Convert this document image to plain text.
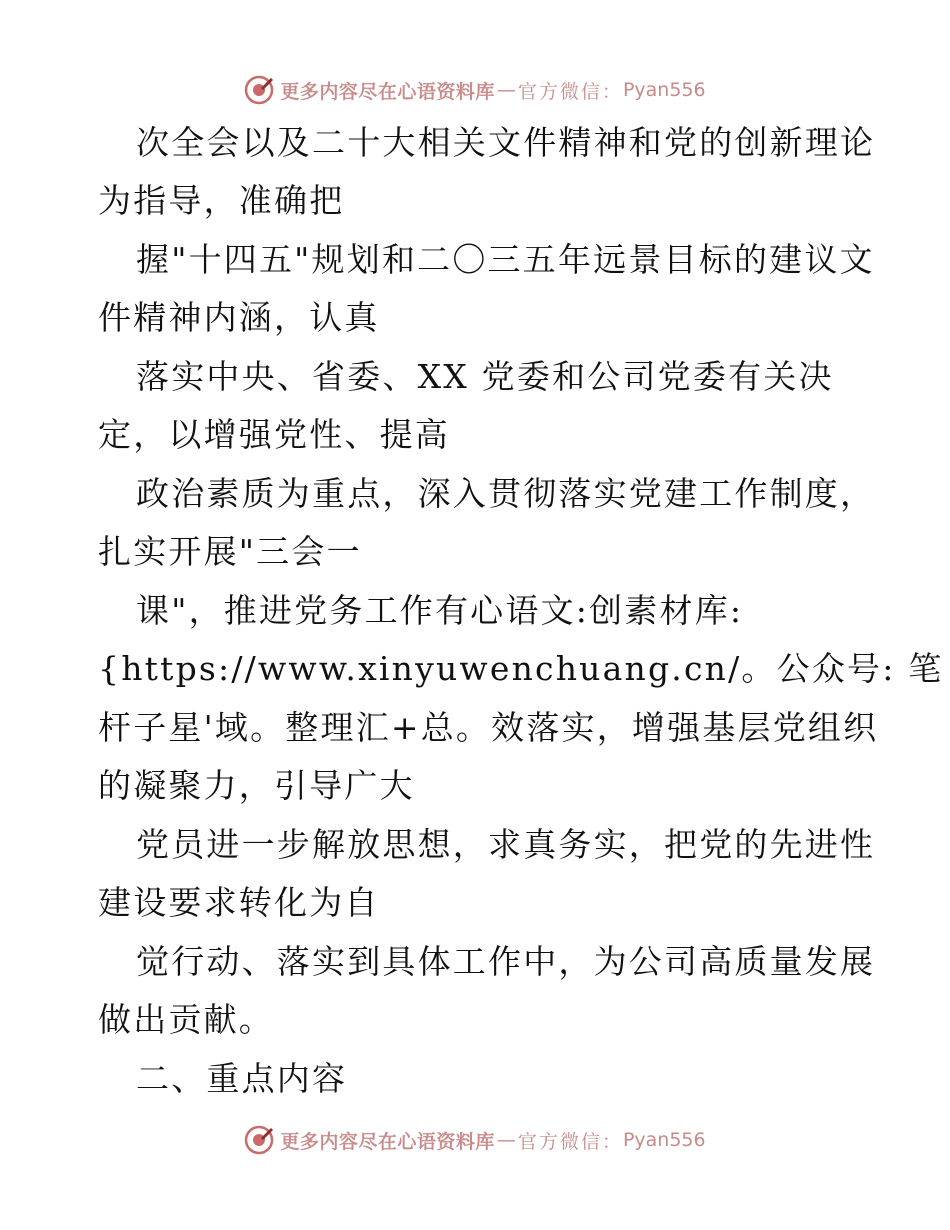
更多内容尽在心语资料库 — 官方微信： Pyan556
次全会以及二十大相关文件精神和党的创新理论
为指导，准确把
握"十四五"规划和二〇三五年远景目标的建议文
件精神内涵，认真
落实中央、省委、XX 党委和公司党委有关决
定，以增强党性、提高
政治素质为重点，深入贯彻落实党建工作制度，
扎实开展"三会一
课"，推进党务工作有心语文:创素材库:
{https://www.xinyuwenchuang.cn/。公众号: 笔
杆子星'域。整理汇+总。效落实，增强基层党组织
的凝聚力，引导广大
党员进一步解放思想，求真务实，把党的先进性
建设要求转化为自
觉行动、落实到具体工作中，为公司高质量发展
做出贡献。
二、重点内容
更多内容尽在心语资料库 — 官方微信： Pyan556
